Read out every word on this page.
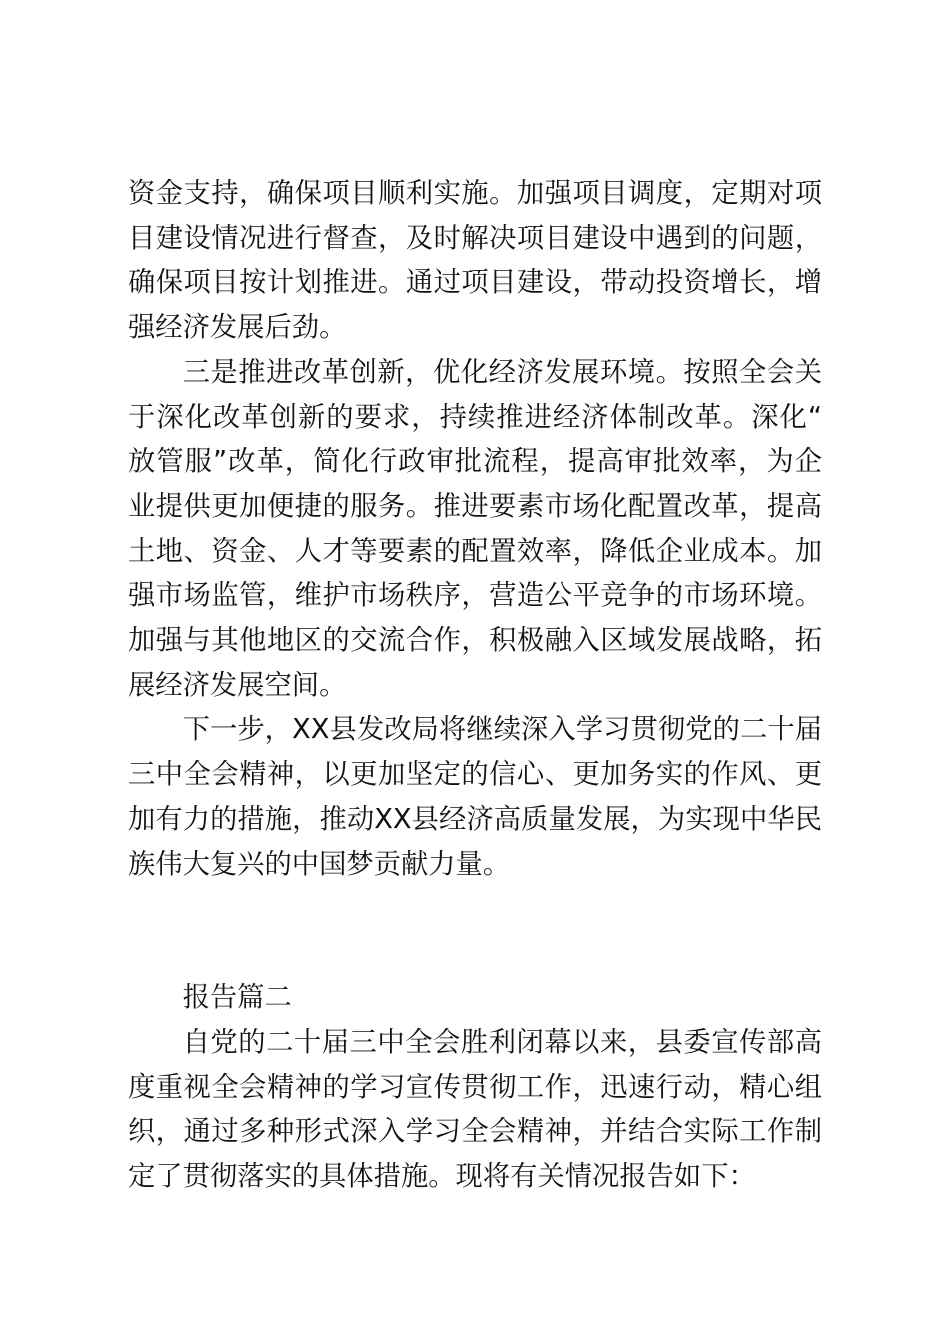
资金支持，确保项目顺利实施。加强项目调度，定期对项目建设情况进行督查，及时解决项目建设中遇到的问题，确保项目按计划推进。通过项目建设，带动投资增长，增强经济发展后劲。

三是推进改革创新，优化经济发展环境。按照全会关于深化改革创新的要求，持续推进经济体制改革。深化“放管服”改革，简化行政审批流程，提高审批效率，为企业提供更加便捷的服务。推进要素市场化配置改革，提高土地、资金、人才等要素的配置效率，降低企业成本。加强市场监管，维护市场秩序，营造公平竞争的市场环境。加强与其他地区的交流合作，积极融入区域发展战略，拓展经济发展空间。

下一步，XX县发改局将继续深入学习贯彻党的二十届三中全会精神，以更加坚定的信心、更加务实的作风、更加有力的措施，推动XX县经济高质量发展，为实现中华民族伟大复兴的中国梦贡献力量。

报告篇二

自党的二十届三中全会胜利闭幕以来，县委宣传部高度重视全会精神的学习宣传贯彻工作，迅速行动，精心组织，通过多种形式深入学习全会精神，并结合实际工作制定了贯彻落实的具体措施。现将有关情况报告如下：
